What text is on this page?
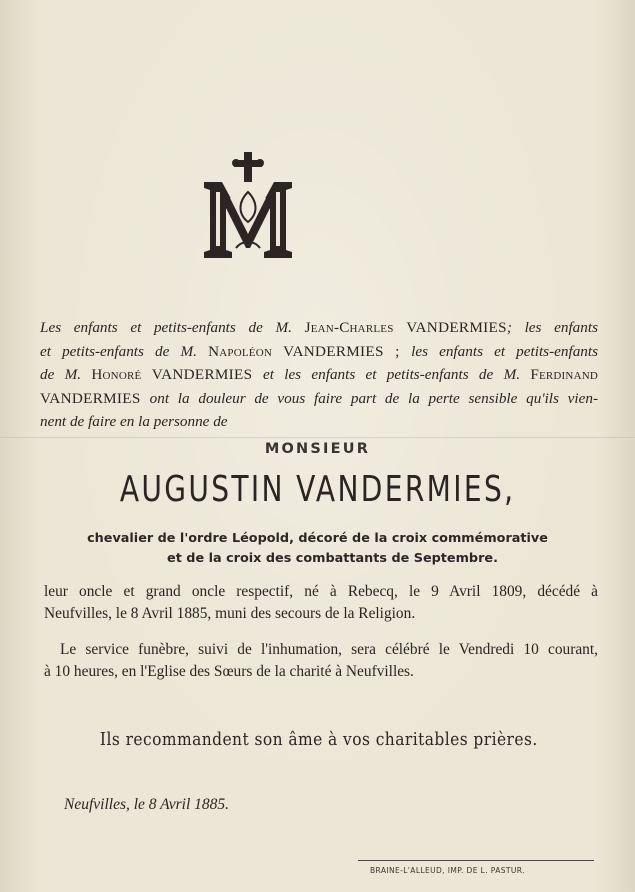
Les enfants et petits-enfants de M. Jean-Charles VANDERMIES; les enfants
et petits-enfants de M. Napoléon VANDERMIES ; les enfants et petits-enfants
de M. Honoré VANDERMIES et les enfants et petits-enfants de M. Ferdinand
VANDERMIES ont la douleur de vous faire part de la perte sensible qu'ils vien-
nent de faire en la personne de
MONSIEUR
AUGUSTIN VANDERMIES,
chevalier de l'ordre Léopold, décoré de la croix commémorative
et de la croix des combattants de Septembre.
leur oncle et grand oncle respectif, né à Rebecq, le 9 Avril 1809, décédé à
Neufvilles, le 8 Avril 1885, muni des secours de la Religion.
Le service funèbre, suivi de l'inhumation, sera célébré le Vendredi 10 courant,
à 10 heures, en l'Eglise des Sœurs de la charité à Neufvilles.
Ils recommandent son âme à vos charitables prières.
Neufvilles, le 8 Avril 1885.
BRAINE-L'ALLEUD, IMP. DE L. PASTUR.
